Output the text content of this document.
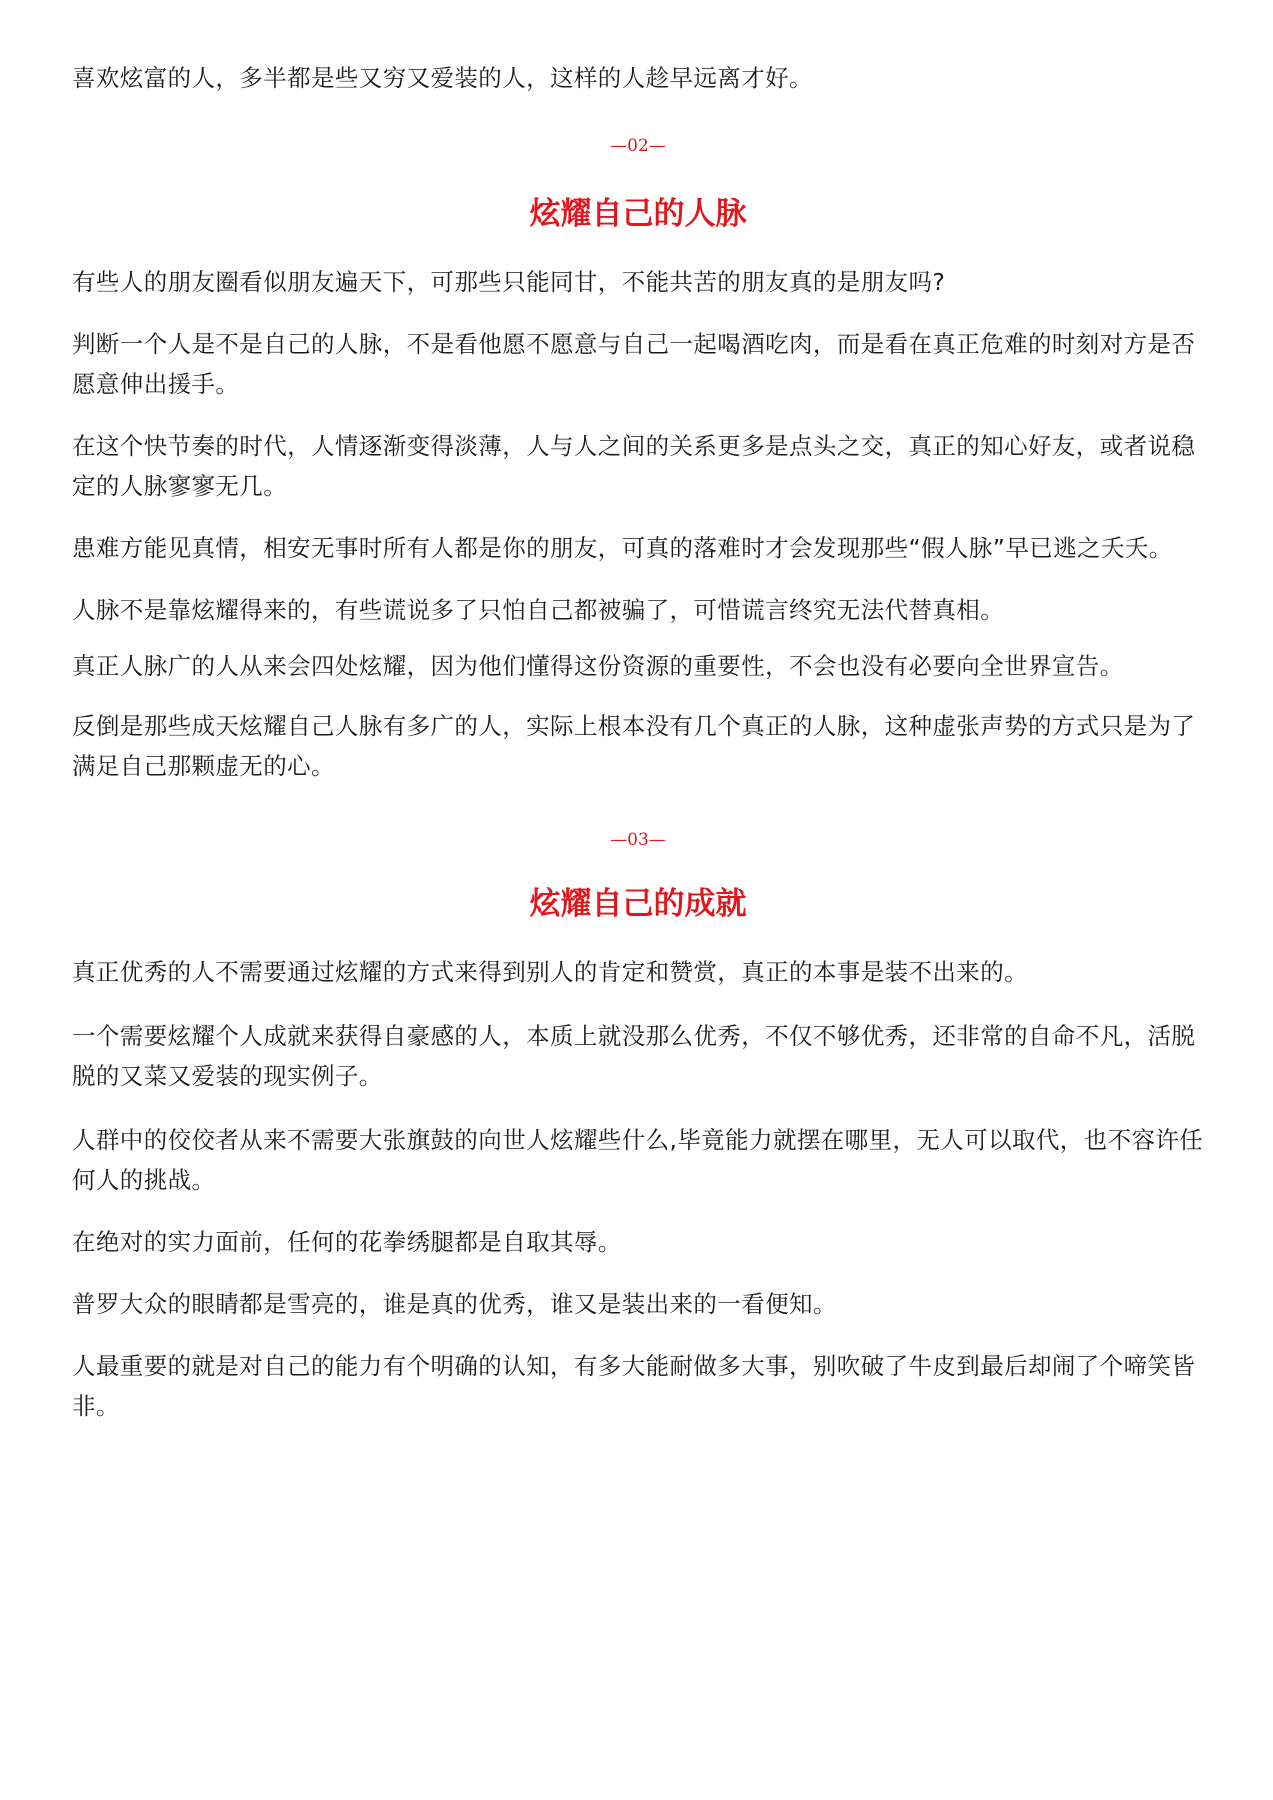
喜欢炫富的人，多半都是些又穷又爱装的人，这样的人趁早远离才好。

—02—

炫耀自己的人脉

有些人的朋友圈看似朋友遍天下，可那些只能同甘，不能共苦的朋友真的是朋友吗?

判断一个人是不是自己的人脉，不是看他愿不愿意与自己一起喝酒吃肉，而是看在真正危难的时刻对方是否愿意伸出援手。

在这个快节奏的时代，人情逐渐变得淡薄，人与人之间的关系更多是点头之交，真正的知心好友，或者说稳定的人脉寥寥无几。

患难方能见真情，相安无事时所有人都是你的朋友，可真的落难时才会发现那些“假人脉”早已逃之夭夭。

人脉不是靠炫耀得来的，有些谎说多了只怕自己都被骗了，可惜谎言终究无法代替真相。

真正人脉广的人从来会四处炫耀，因为他们懂得这份资源的重要性，不会也没有必要向全世界宣告。

反倒是那些成天炫耀自己人脉有多广的人，实际上根本没有几个真正的人脉，这种虚张声势的方式只是为了满足自己那颗虚无的心。

—03—

炫耀自己的成就

真正优秀的人不需要通过炫耀的方式来得到别人的肯定和赞赏，真正的本事是装不出来的。

一个需要炫耀个人成就来获得自豪感的人，本质上就没那么优秀，不仅不够优秀，还非常的自命不凡，活脱脱的又菜又爱装的现实例子。

人群中的佼佼者从来不需要大张旗鼓的向世人炫耀些什么,毕竟能力就摆在哪里，无人可以取代，也不容许任何人的挑战。

在绝对的实力面前，任何的花拳绣腿都是自取其辱。

普罗大众的眼睛都是雪亮的，谁是真的优秀，谁又是装出来的一看便知。

人最重要的就是对自己的能力有个明确的认知，有多大能耐做多大事，别吹破了牛皮到最后却闹了个啼笑皆非。
